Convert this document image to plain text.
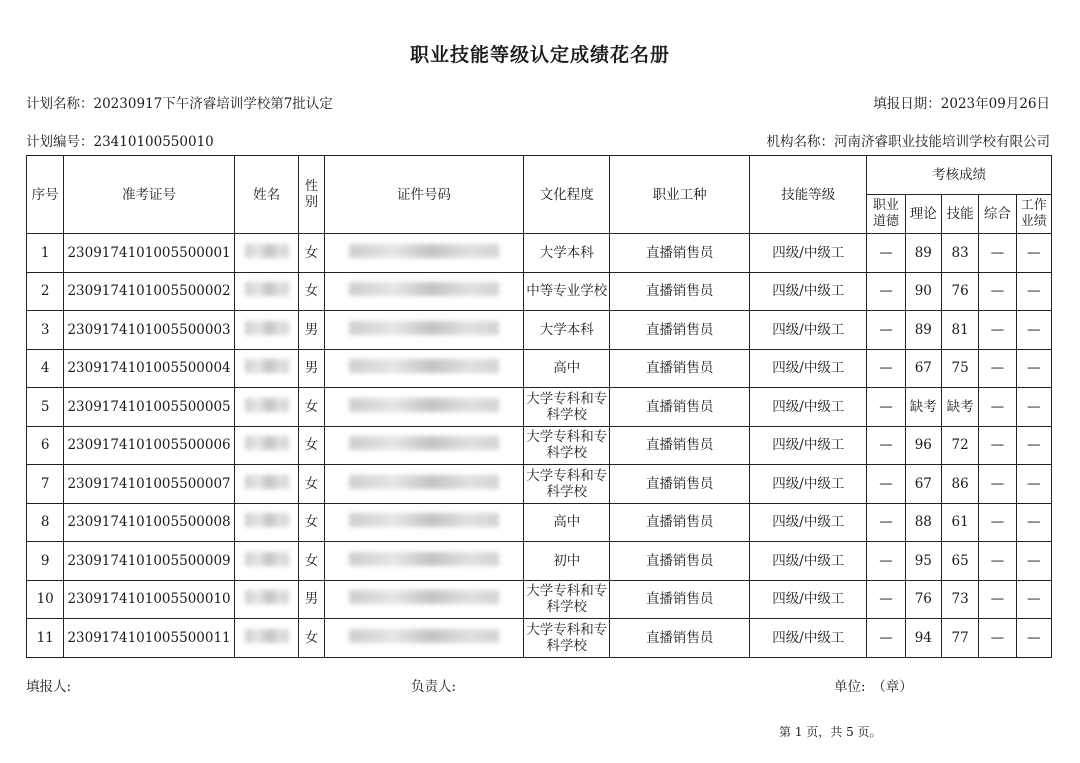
职业技能等级认定成绩花名册
计划名称：20230917下午济睿培训学校第7批认定	填报日期：2023年09月26日
计划编号：23410100550010	机构名称：河南济睿职业技能培训学校有限公司
序号	准考证号	姓名	性别	证件号码	文化程度	职业工种	技能等级	考核成绩				
								职业道德	理论	技能	综合	工作业绩
1	2309174101005500001		女		大学本科	直播销售员	四级/中级工	—	89	83	—	—
2	2309174101005500002		女		中等专业学校	直播销售员	四级/中级工	—	90	76	—	—
3	2309174101005500003		男		大学本科	直播销售员	四级/中级工	—	89	81	—	—
4	2309174101005500004		男		高中	直播销售员	四级/中级工	—	67	75	—	—
5	2309174101005500005		女		大学专科和专科学校	直播销售员	四级/中级工	—	缺考	缺考	—	—
6	2309174101005500006		女		大学专科和专科学校	直播销售员	四级/中级工	—	96	72	—	—
7	2309174101005500007		女		大学专科和专科学校	直播销售员	四级/中级工	—	67	86	—	—
8	2309174101005500008		女		高中	直播销售员	四级/中级工	—	88	61	—	—
9	2309174101005500009		女		初中	直播销售员	四级/中级工	—	95	65	—	—
10	2309174101005500010		男		大学专科和专科学校	直播销售员	四级/中级工	—	76	73	—	—
11	2309174101005500011		女		大学专科和专科学校	直播销售员	四级/中级工	—	94	77	—	—
填报人:	负责人:	单位:　（章）
第 1 页，共 5 页。
